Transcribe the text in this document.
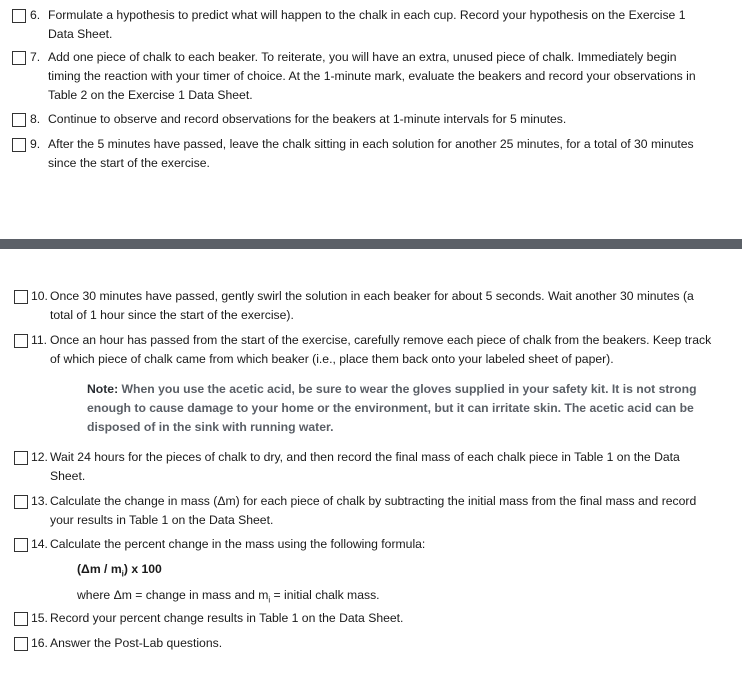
6. Formulate a hypothesis to predict what will happen to the chalk in each cup. Record your hypothesis on the Exercise 1
Data Sheet.
7. Add one piece of chalk to each beaker. To reiterate, you will have an extra, unused piece of chalk. Immediately begin
timing the reaction with your timer of choice. At the 1-minute mark, evaluate the beakers and record your observations in
Table 2 on the Exercise 1 Data Sheet.
8. Continue to observe and record observations for the beakers at 1-minute intervals for 5 minutes.
9. After the 5 minutes have passed, leave the chalk sitting in each solution for another 25 minutes, for a total of 30 minutes
since the start of the exercise.
10. Once 30 minutes have passed, gently swirl the solution in each beaker for about 5 seconds. Wait another 30 minutes (a
total of 1 hour since the start of the exercise).
11. Once an hour has passed from the start of the exercise, carefully remove each piece of chalk from the beakers. Keep track
of which piece of chalk came from which beaker (i.e., place them back onto your labeled sheet of paper).
Note: When you use the acetic acid, be sure to wear the gloves supplied in your safety kit. It is not strong
enough to cause damage to your home or the environment, but it can irritate skin. The acetic acid can be
disposed of in the sink with running water.
12. Wait 24 hours for the pieces of chalk to dry, and then record the final mass of each chalk piece in Table 1 on the Data
Sheet.
13. Calculate the change in mass (Δm) for each piece of chalk by subtracting the initial mass from the final mass and record
your results in Table 1 on the Data Sheet.
14. Calculate the percent change in the mass using the following formula:
$(\Delta m / m_i)$ x 100
where Δm = change in mass and $m_i$ = initial chalk mass.
15. Record your percent change results in Table 1 on the Data Sheet.
16. Answer the Post-Lab questions.
